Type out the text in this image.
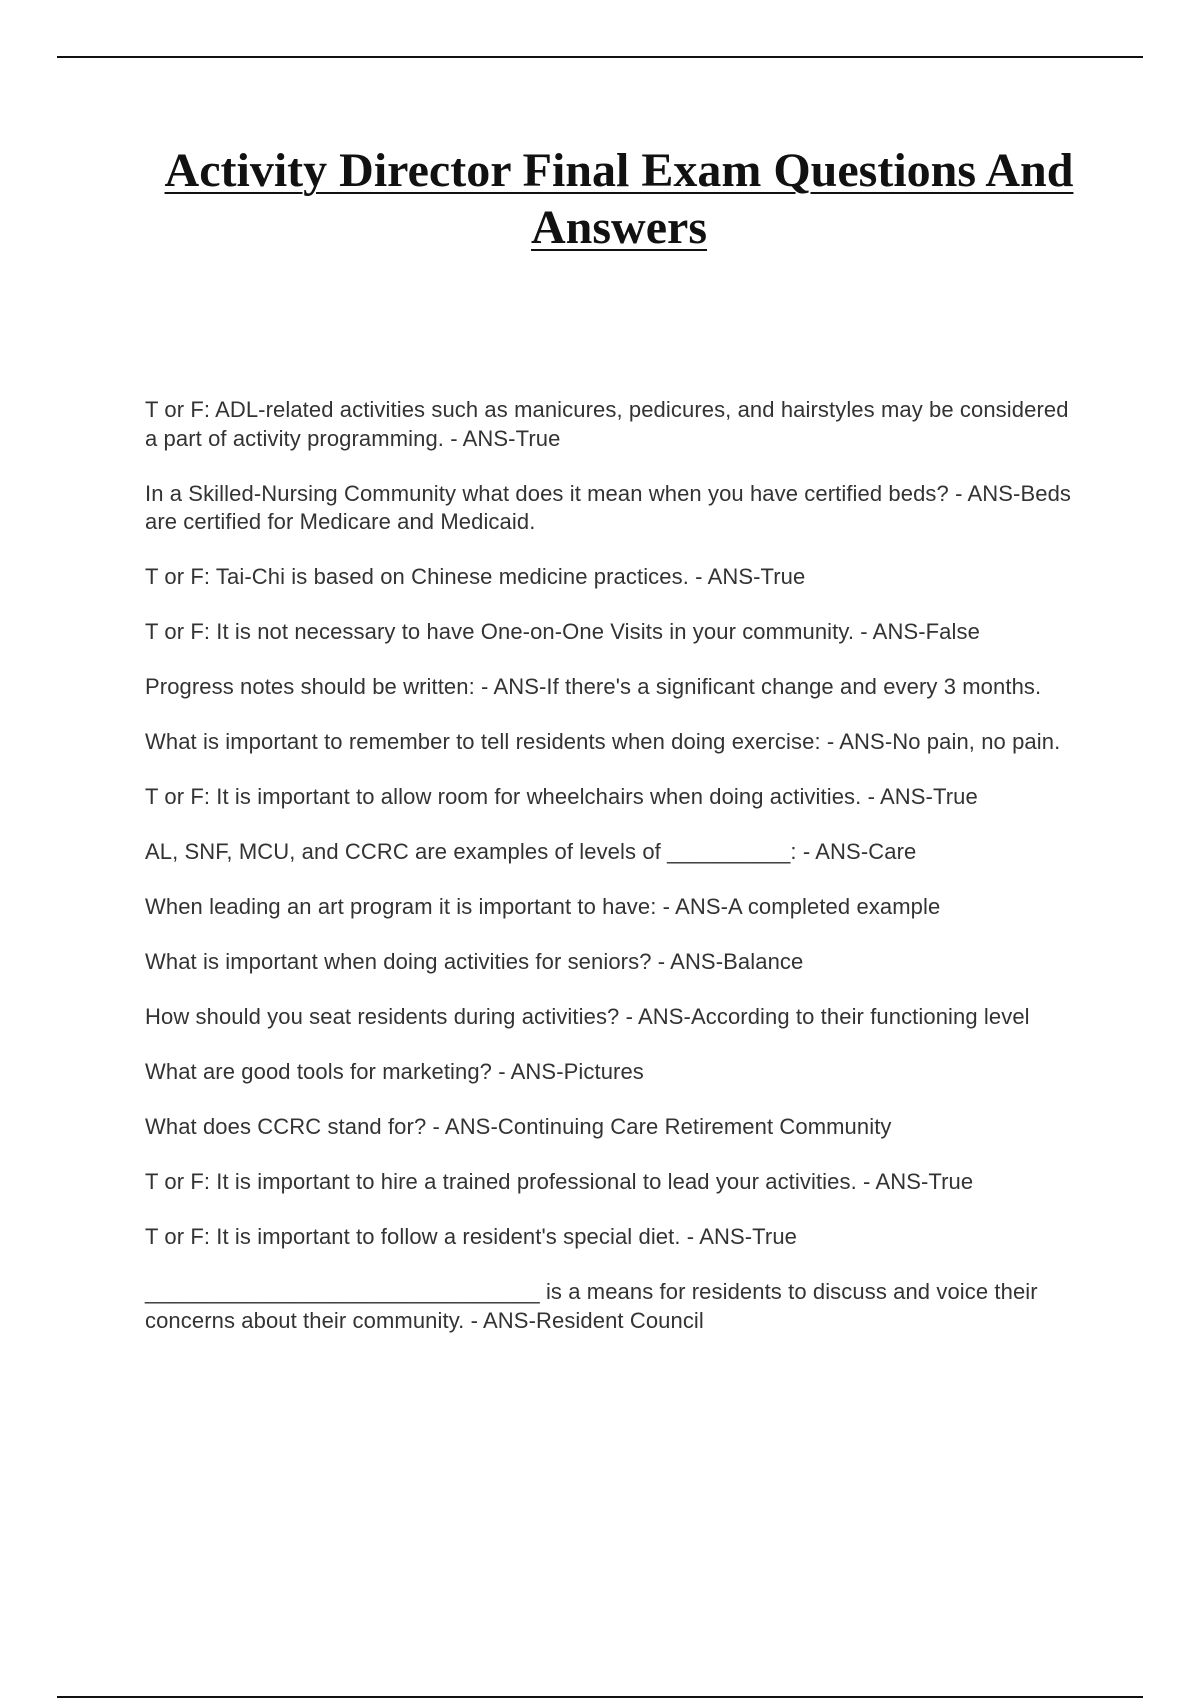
Activity Director Final Exam Questions And Answers
T or F: ADL-related activities such as manicures, pedicures, and hairstyles may be considered a part of activity programming. - ANS-True
In a Skilled-Nursing Community what does it mean when you have certified beds? - ANS-Beds are certified for Medicare and Medicaid.
T or F: Tai-Chi is based on Chinese medicine practices. - ANS-True
T or F: It is not necessary to have One-on-One Visits in your community. - ANS-False
Progress notes should be written: - ANS-If there's a significant change and every 3 months.
What is important to remember to tell residents when doing exercise: - ANS-No pain, no pain.
T or F: It is important to allow room for wheelchairs when doing activities. - ANS-True
AL, SNF, MCU, and CCRC are examples of levels of __________: - ANS-Care
When leading an art program it is important to have: - ANS-A completed example
What is important when doing activities for seniors? - ANS-Balance
How should you seat residents during activities? - ANS-According to their functioning level
What are good tools for marketing? - ANS-Pictures
What does CCRC stand for? - ANS-Continuing Care Retirement Community
T or F: It is important to hire a trained professional to lead your activities. - ANS-True
T or F: It is important to follow a resident's special diet. - ANS-True
________________________________ is a means for residents to discuss and voice their concerns about their community. - ANS-Resident Council
